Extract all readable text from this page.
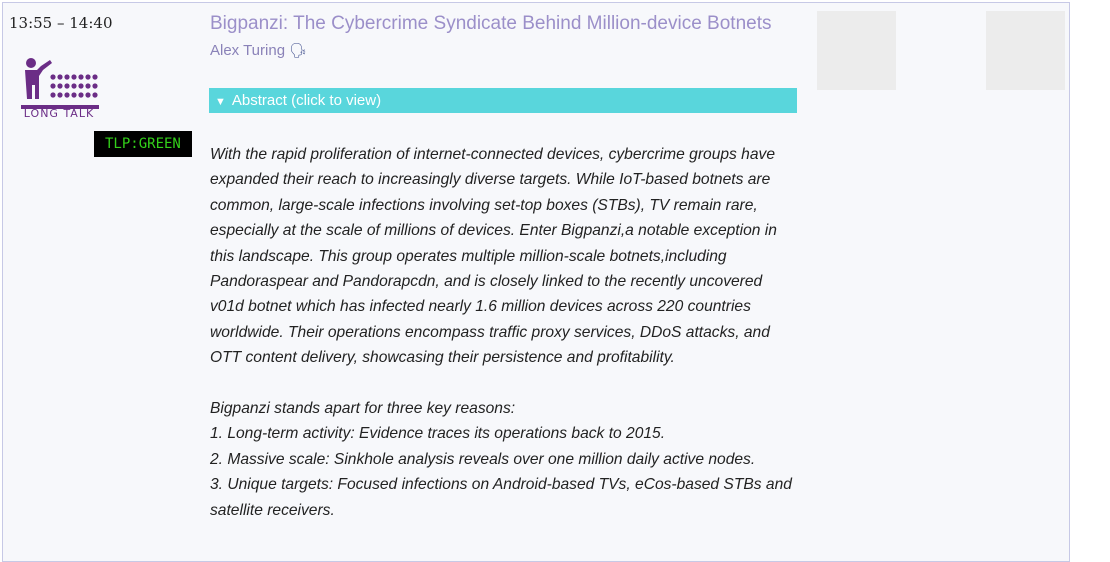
13:55 – 14:40
LONG TALK
TLP:GREEN
Bigpanzi: The Cybercrime Syndicate Behind Million-device Botnets
Alex Turing 🗣
▼ Abstract (click to view)

With the rapid proliferation of internet-connected devices, cybercrime groups have expanded their reach to increasingly diverse targets. While IoT-based botnets are common, large-scale infections involving set-top boxes (STBs), TV remain rare, especially at the scale of millions of devices. Enter Bigpanzi,a notable exception in this landscape. This group operates multiple million-scale botnets,including Pandoraspear and Pandorapcdn, and is closely linked to the recently uncovered v01d botnet which has infected nearly 1.6 million devices across 220 countries worldwide. Their operations encompass traffic proxy services, DDoS attacks, and OTT content delivery, showcasing their persistence and profitability.

Bigpanzi stands apart for three key reasons:

1. Long-term activity: Evidence traces its operations back to 2015.

2. Massive scale: Sinkhole analysis reveals over one million daily active nodes.

3. Unique targets: Focused infections on Android-based TVs, eCos-based STBs and satellite receivers.
